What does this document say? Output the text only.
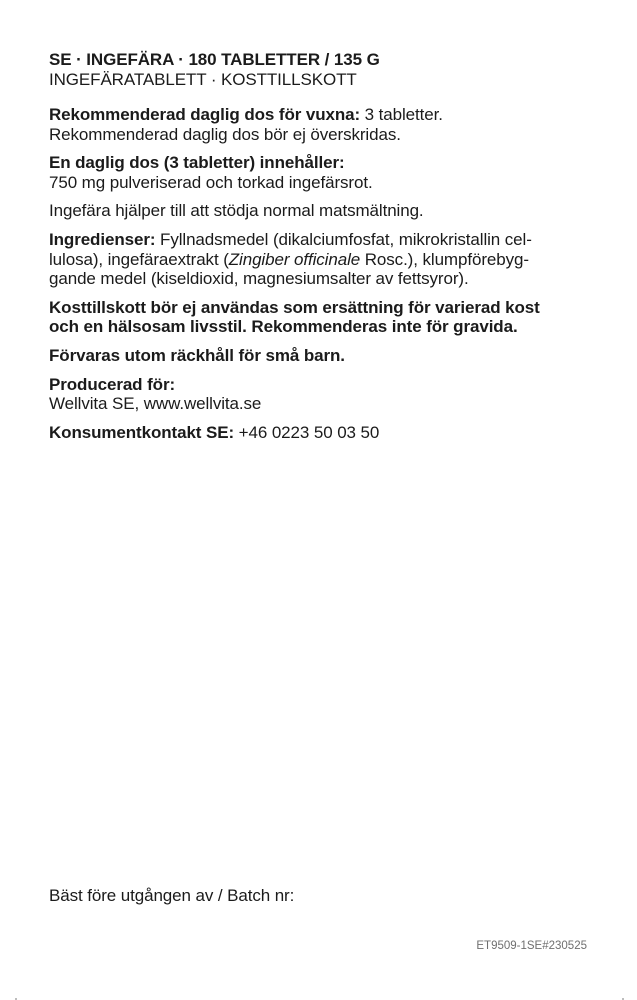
SE · INGEFÄRA · 180 TABLETTER / 135 G
INGEFÄRATABLETT · KOSTTILLSKOTT
Rekommenderad daglig dos för vuxna: 3 tabletter.
Rekommenderad daglig dos bör ej överskridas.
En daglig dos (3 tabletter) innehåller:
750 mg pulveriserad och torkad ingefärsrot.
Ingefära hjälper till att stödja normal matsmältning.
Ingredienser: Fyllnadsmedel (dikalciumfosfat, mikrokristallin cel-
lulosa), ingefäraextrakt (Zingiber officinale Rosc.), klumpförebyg-
gande medel (kiseldioxid, magnesiumsalter av fettsyror).
Kosttillskott bör ej användas som ersättning för varierad kost
och en hälsosam livsstil. Rekommenderas inte för gravida.
Förvaras utom räckhåll för små barn.
Producerad för:
Wellvita SE, www.wellvita.se
Konsumentkontakt SE: +46 0223 50 03 50
Bäst före utgången av / Batch nr:
ET9509-1SE#230525
